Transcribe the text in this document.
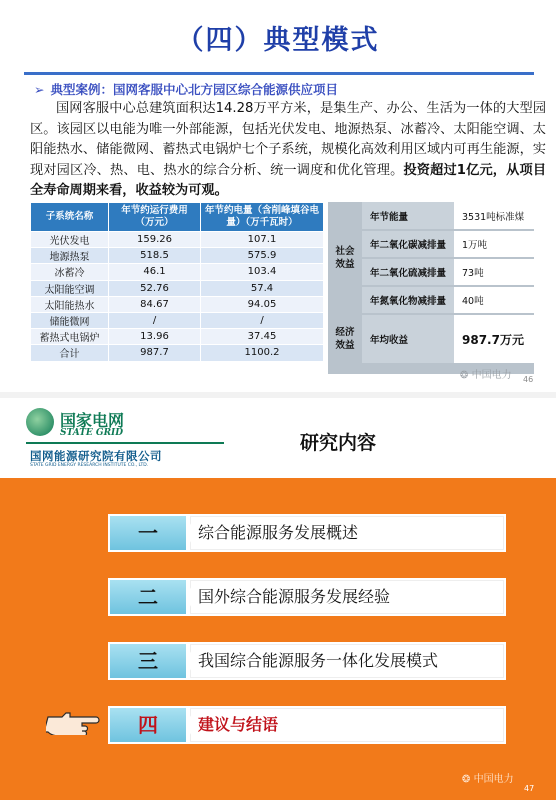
（四）典型模式
➢ 典型案例：国网客服中心北方园区综合能源供应项目
国网客服中心总建筑面积达14.28万平方米，是集生产、办公、生活为一体的大型园区。该园区以电能为唯一外部能源，包括光伏发电、地源热泵、冰蓄冷、太阳能空调、太阳能热水、储能微网、蓄热式电锅炉七个子系统，规模化高效利用区域内可再生能源，实现对园区冷、热、电、热水的综合分析、统一调度和优化管理。投资超过1亿元，从项目全寿命周期来看，收益较为可观。
子系统名称	年节约运行费用（万元）	年节约电量（含削峰填谷电量）（万千瓦时）
光伏发电	159.26	107.1
地源热泵	518.5	575.9
冰蓄冷	46.1	103.4
太阳能空调	52.76	57.4
太阳能热水	84.67	94.05
储能微网	/	/
蓄热式电锅炉	13.96	37.45
合计	987.7	1100.2
社会效益	年节能量	3531吨标准煤
	年二氧化碳减排量	1万吨
	年二氧化硫减排量	73吨
	年氮氧化物减排量	40吨
经济效益	年均收益	987.7万元
❂ 中国电力 46
国家电网
STATE GRID
国网能源研究院有限公司
STATE GRID ENERGY RESEARCH INSTITUTE CO., LTD.
研究内容
一	综合能源服务发展概述
二	国外综合能源服务发展经验
三	我国综合能源服务一体化发展模式
四	建议与结语
❂ 中国电力
47
